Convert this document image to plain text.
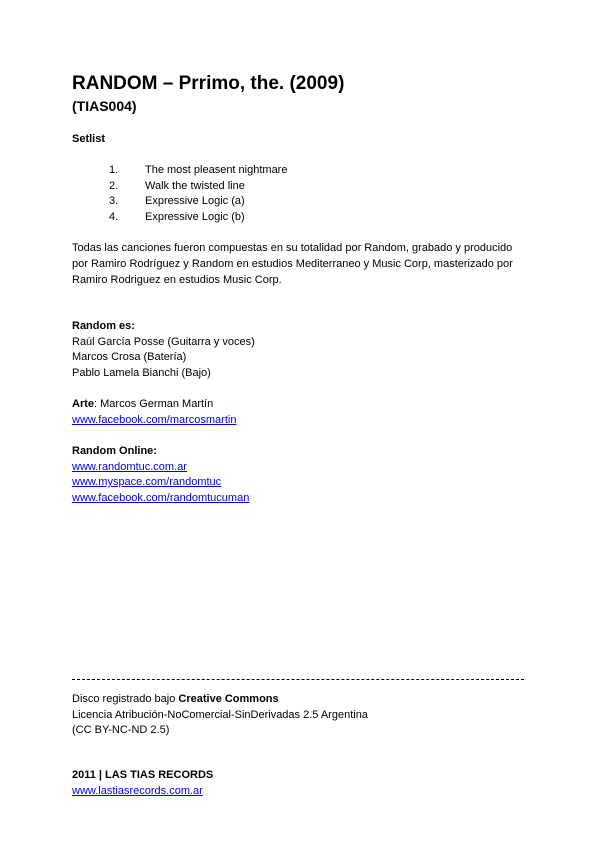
RANDOM – Prrimo, the. (2009)
(TIAS004)
Setlist
1. The most pleasent nightmare
2. Walk the twisted line
3. Expressive Logic (a)
4. Expressive Logic (b)

Todas las canciones fueron compuestas en su totalidad por Random, grabado y producido por Ramiro Rodríguez y Random en estudios Mediterraneo y Music Corp, masterizado por Ramiro Rodriguez en estudios Music Corp.

Random es:
Raúl García Posse (Guitarra y voces)
Marcos Crosa (Batería)
Pablo Lamela Bianchi (Bajo)
Arte: Marcos German Martín
www.facebook.com/marcosmartin
Random Online:
www.randomtuc.com.ar
www.myspace.com/randomtuc
www.facebook.com/randomtucuman
Disco registrado bajo Creative Commons
Licencia Atribución-NoComercial-SinDerivadas 2.5 Argentina
(CC BY-NC-ND 2.5)
2011 | LAS TIAS RECORDS
www.lastiasrecords.com.ar
